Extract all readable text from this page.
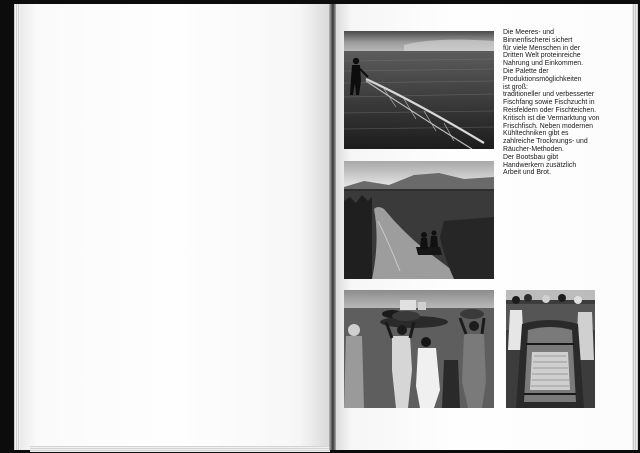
Die Meeres- und
Binnenfischerei sichert
für viele Menschen in der
Dritten Welt proteinreiche
Nahrung und Einkommen.
Die Palette der
Produktionsmöglichkeiten
ist groß:
traditioneller und verbesserter
Fischfang sowie Fischzucht in
Reisfeldern oder Fischteichen.
Kritisch ist die Vermarktung von
Frischfisch. Neben modernen
Kühltechniken gibt es
zahlreiche Trocknungs- und
Räucher-Methoden.
Der Bootsbau gibt
Handwerkern zusätzlich
Arbeit und Brot.
